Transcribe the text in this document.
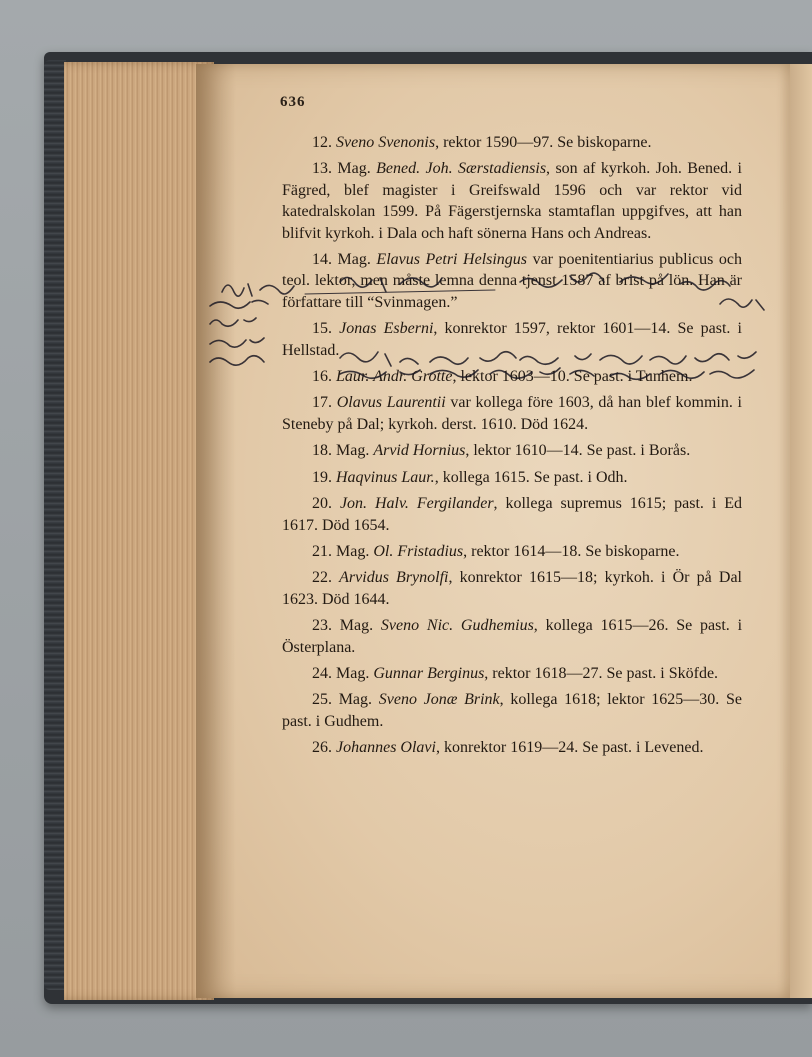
636

12. Sveno Svenonis, rektor 1590—97. Se biskoparne.

13. Mag. Bened. Joh. Særstadiensis, son af kyrkoh. Joh. Bened. i Fägred, blef magister i Greifswald 1596 och var rektor vid katedralskolan 1599. På Fägerstjernska stamtaflan uppgifves, att han blifvit kyrkoh. i Dala och haft sönerna Hans och Andreas.

14. Mag. Elavus Petri Helsingus var poenitentiarius publicus och teol. lektor, men måste lemna denna tjenst 1587 af brist på lön. Han är författare till “Svinmagen.”

15. Jonas Esberni, konrektor 1597, rektor 1601—14. Se past. i Hellstad.

16. Laur. Andr. Grotte, lektor 1603—10. Se past. i Tunhem.

17. Olavus Laurentii var kollega före 1603, då han blef kommin. i Steneby på Dal; kyrkoh. derst. 1610. Död 1624.

18. Mag. Arvid Hornius, lektor 1610—14. Se past. i Borås.

19. Haqvinus Laur., kollega 1615. Se past. i Odh.

20. Jon. Halv. Fergilander, kollega supremus 1615; past. i Ed 1617. Död 1654.

21. Mag. Ol. Fristadius, rektor 1614—18. Se biskoparne.

22. Arvidus Brynolfi, konrektor 1615—18; kyrkoh. i Ör på Dal 1623. Död 1644.

23. Mag. Sveno Nic. Gudhemius, kollega 1615—26. Se past. i Österplana.

24. Mag. Gunnar Berginus, rektor 1618—27. Se past. i Sköfde.

25. Mag. Sveno Jonæ Brink, kollega 1618; lektor 1625—30. Se past. i Gudhem.

26. Johannes Olavi, konrektor 1619—24. Se past. i Levened.
